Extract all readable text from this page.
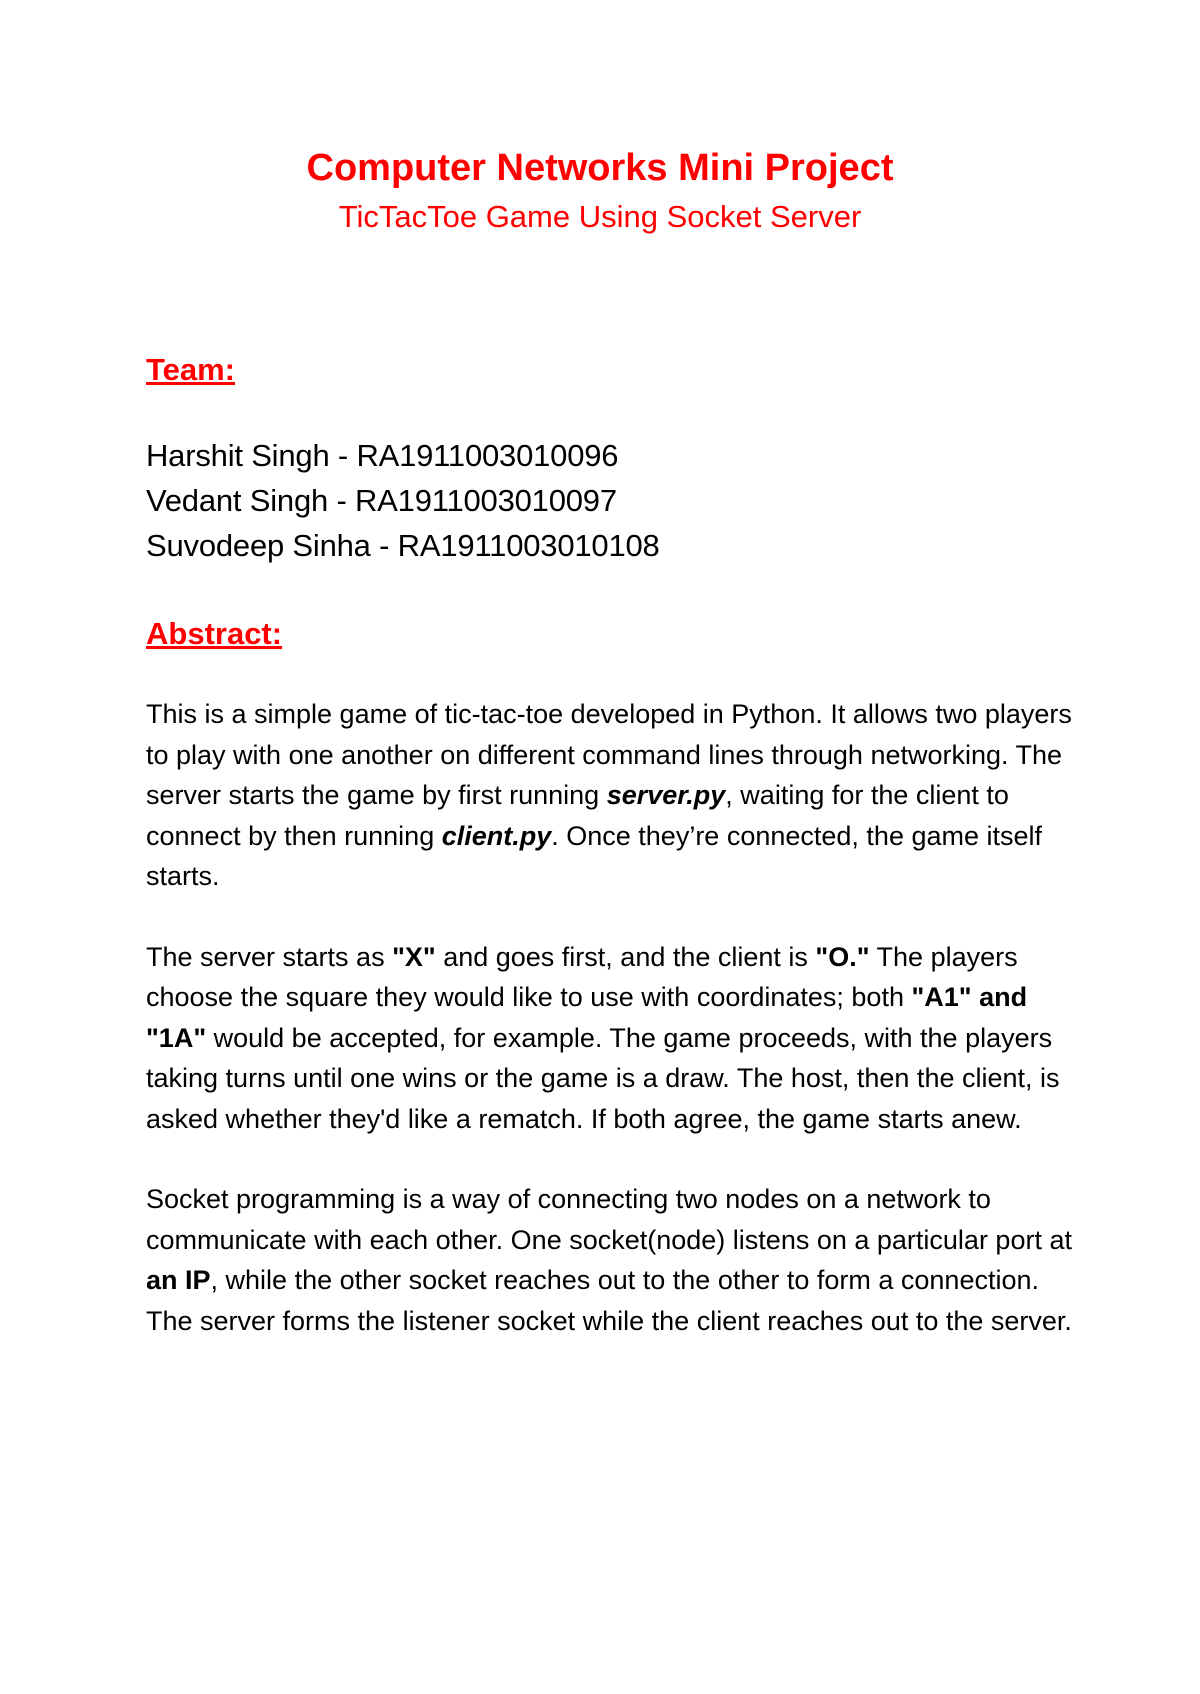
Computer Networks Mini Project
TicTacToe Game Using Socket Server
Team:
Harshit Singh - RA1911003010096
Vedant Singh - RA1911003010097
Suvodeep Sinha - RA1911003010108
Abstract:

This is a simple game of tic-tac-toe developed in Python. It allows two players to play with one another on different command lines through networking. The server starts the game by first running server.py, waiting for the client to connect by then running client.py. Once they’re connected, the game itself starts.

The server starts as "X" and goes first, and the client is "O." The players choose the square they would like to use with coordinates; both "A1" and "1A" would be accepted, for example. The game proceeds, with the players taking turns until one wins or the game is a draw. The host, then the client, is asked whether they'd like a rematch. If both agree, the game starts anew.

Socket programming is a way of connecting two nodes on a network to communicate with each other. One socket(node) listens on a particular port at an IP, while the other socket reaches out to the other to form a connection. The server forms the listener socket while the client reaches out to the server.
